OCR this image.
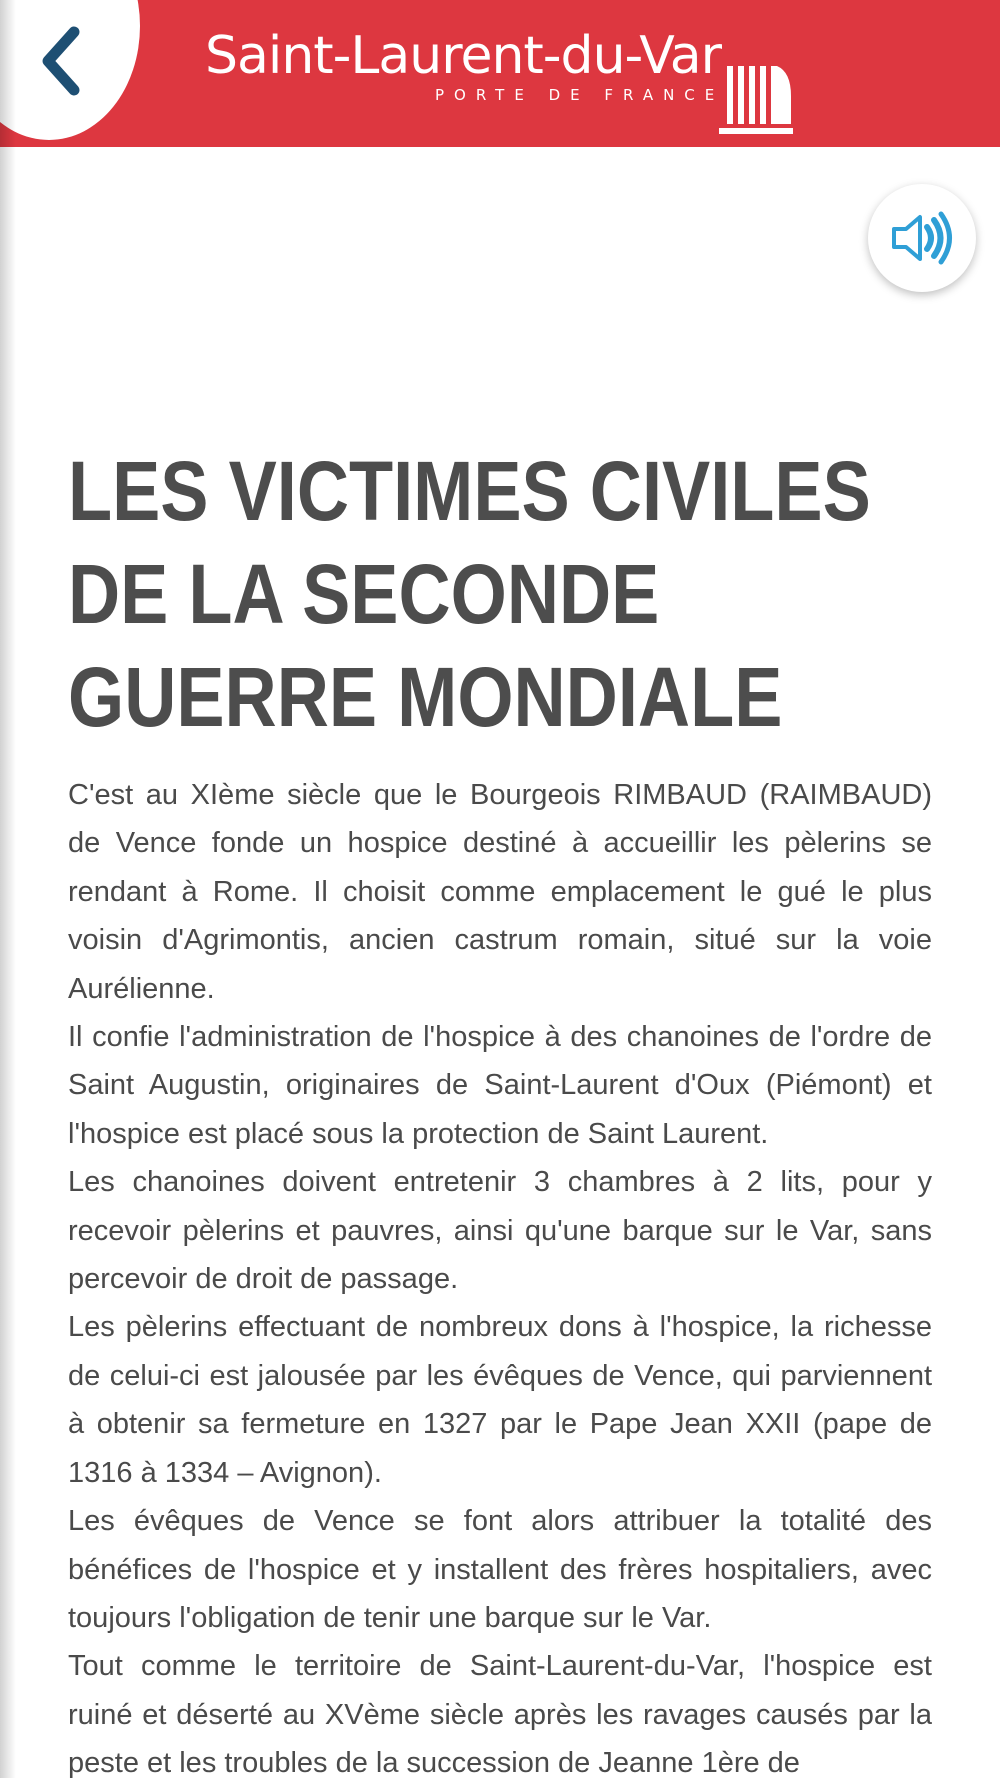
Saint-Laurent-du-Var
PORTE DE FRANCE
LES VICTIMES CIVILES
DE LA SECONDE
GUERRE MONDIALE

C'est au XIème siècle que le Bourgeois RIMBAUD (RAIMBAUD) de Vence fonde un hospice destiné à accueillir les pèlerins se rendant à Rome. Il choisit comme emplacement le gué le plus voisin d'Agrimontis, ancien castrum romain, situé sur la voie Aurélienne.

Il confie l'administration de l'hospice à des chanoines de l'ordre de Saint Augustin, originaires de Saint-Laurent d'Oux (Piémont) et l'hospice est placé sous la protection de Saint Laurent.

Les chanoines doivent entretenir 3 chambres à 2 lits, pour y recevoir pèlerins et pauvres, ainsi qu'une barque sur le Var, sans percevoir de droit de passage.

Les pèlerins effectuant de nombreux dons à l'hospice, la richesse de celui-ci est jalousée par les évêques de Vence, qui parviennent à obtenir sa fermeture en 1327 par le Pape Jean XXII (pape de 1316 à 1334 – Avignon).

Les évêques de Vence se font alors attribuer la totalité des bénéfices de l'hospice et y installent des frères hospitaliers, avec toujours l'obligation de tenir une barque sur le Var.

Tout comme le territoire de Saint-Laurent-du-Var, l'hospice est ruiné et déserté au XVème siècle après les ravages causés par la peste et les troubles de la succession de Jeanne 1ère de
